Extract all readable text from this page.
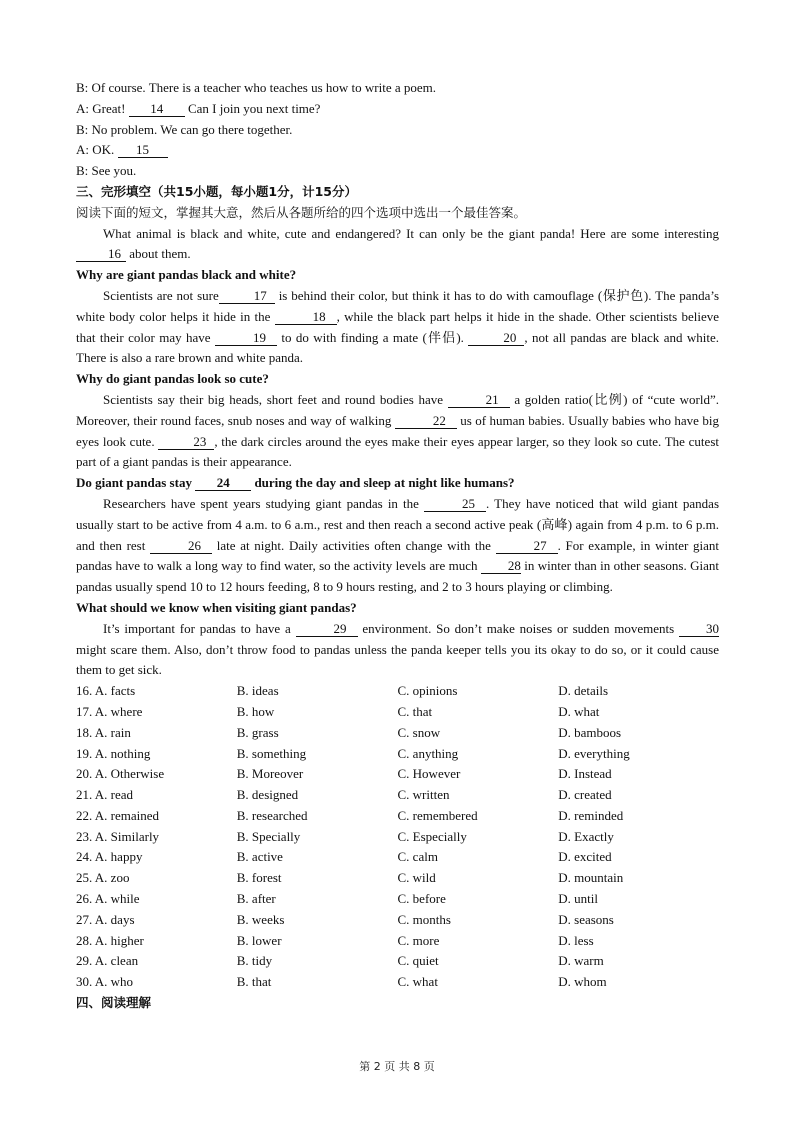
B: Of course. There is a teacher who teaches us how to write a poem.

A: Great! 14 Can I join you next time?

B: No problem. We can go there together.

A: OK. 15

B: See you.

三、完形填空（共15小题，每小题1分，计15分）

阅读下面的短文，掌握其大意，然后从各题所给的四个选项中选出一个最佳答案。

What animal is black and white, cute and endangered? It can only be the giant panda! Here are some interesting 16 about them.

Why are giant pandas black and white?

Scientists are not sure	17 is behind their color, but think it has to do with camouflage (保护色). The panda’s white body color helps it hide in the	18 , while the black part helps it hide in the shade. Other scientists believe that their color may have	19 to do with finding a mate (伴侣).	20 , not all pandas are black and white. There is also a rare brown and white panda.

Why do giant pandas look so cute?

Scientists say their big heads, short feet and round bodies have	21 a golden ratio(比例) of “cute world”. Moreover, their round faces, snub noses and way of walking	22 us of human babies. Usually babies who have big eyes look cute.	23 , the dark circles around the eyes make their eyes appear larger, so they look so cute. The cutest part of a giant pandas is their appearance.

Do giant pandas stay 24 during the day and sleep at night like humans?

Researchers have spent years studying giant pandas in the	25 . They have noticed that wild giant pandas usually start to be active from 4 a.m. to 6 a.m., rest and then reach a second active peak (高峰) again from 4 p.m. to 6 p.m. and then rest	26 late at night. Daily activities often change with the	27 . For example, in winter giant pandas have to walk a long way to find water, so the activity levels are much 28 in winter than in other seasons. Giant pandas usually spend 10 to 12 hours feeding, 8 to 9 hours resting, and 2 to 3 hours playing or climbing.

What should we know when visiting giant pandas?

It’s important for pandas to have a	29 environment. So don’t make noises or sudden movements 30 might scare them. Also, don’t throw food to pandas unless the panda keeper tells you its okay to do so, or it could cause them to get sick.

16. A. facts	B. ideas	C. opinions	D. details
17. A. where	B. how	C. that	D. what
18. A. rain	B. grass	C. snow	D. bamboos
19. A. nothing	B. something	C. anything	D. everything
20. A. Otherwise	B. Moreover	C. However	D. Instead
21. A. read	B. designed	C. written	D. created
22. A. remained	B. researched	C. remembered	D. reminded
23. A. Similarly	B. Specially	C. Especially	D. Exactly
24. A. happy	B. active	C. calm	D. excited
25. A. zoo	B. forest	C. wild	D. mountain
26. A. while	B. after	C. before	D. until
27. A. days	B. weeks	C. months	D. seasons
28. A. higher	B. lower	C. more	D. less
29. A. clean	B. tidy	C. quiet	D. warm
30. A. who	B. that	C. what	D. whom

四、阅读理解

第 2 页 共 8 页
